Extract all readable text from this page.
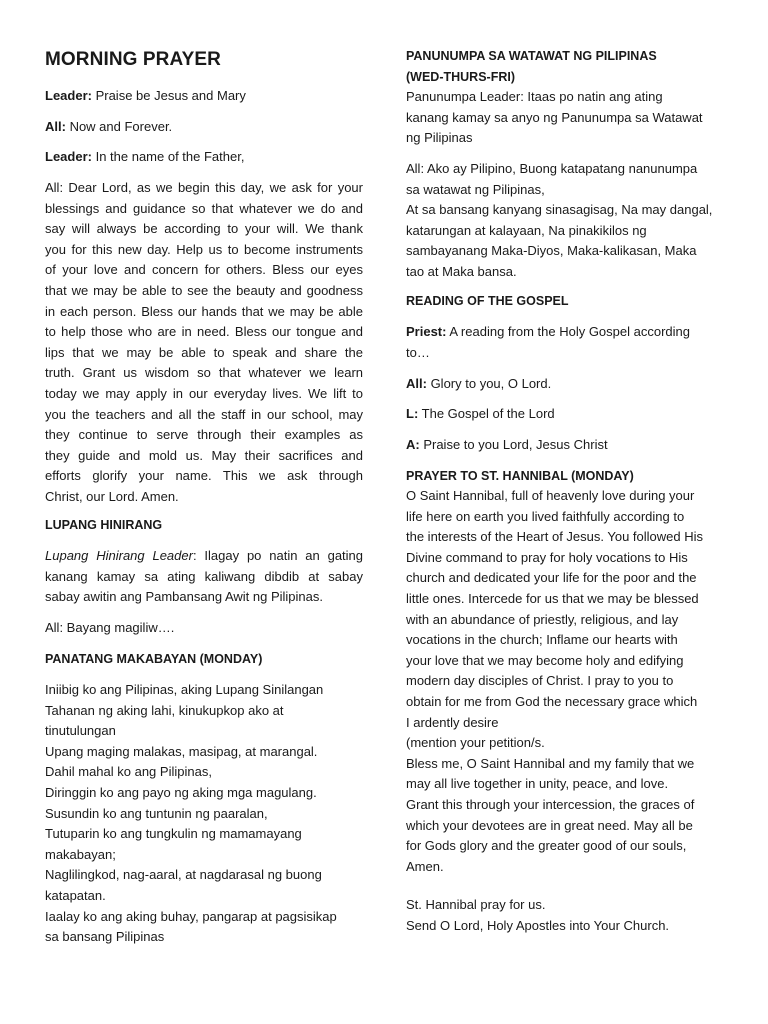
MORNING PRAYER
Leader: Praise be Jesus and Mary
All: Now and Forever.
Leader: In the name of the Father,
All: Dear Lord, as we begin this day, we ask for your
blessings and guidance so that whatever we do and
say will always be according to your will. We thank
you for this new day. Help us to become instruments
of your love and concern for others. Bless our eyes
that we may be able to see the beauty and goodness
in each person. Bless our hands that we may be able
to help those who are in need. Bless our tongue and
lips that we may be able to speak and share the
truth. Grant us wisdom so that whatever we learn
today we may apply in our everyday lives. We lift to
you the teachers and all the staff in our school, may
they continue to serve through their examples as
they guide and mold us. May their sacrifices and
efforts glorify your name. This we ask through
Christ, our Lord. Amen.
LUPANG HINIRANG
Lupang Hinirang Leader: Ilagay po natin an gating
kanang kamay sa ating kaliwang dibdib at sabay
sabay awitin ang Pambansang Awit ng Pilipinas.
All: Bayang magiliw….
PANATANG MAKABAYAN (MONDAY)
Iniibig ko ang Pilipinas, aking Lupang Sinilangan
Tahanan ng aking lahi, kinukupkop ako at
tinutulungan
Upang maging malakas, masipag, at marangal.
Dahil mahal ko ang Pilipinas,
Diringgin ko ang payo ng aking mga magulang.
Susundin ko ang tuntunin ng paaralan,
Tutuparin ko ang tungkulin ng mamamayang
makabayan;
Naglilingkod, nag-aaral, at nagdarasal ng buong
katapatan.
Iaalay ko ang aking buhay, pangarap at pagsisikap
sa bansang Pilipinas
PANUNUMPA SA WATAWAT NG PILIPINAS
(WED-THURS-FRI)
Panunumpa Leader: Itaas po natin ang ating
kanang kamay sa anyo ng Panunumpa sa Watawat
ng Pilipinas
All: Ako ay Pilipino, Buong katapatang nanunumpa
sa watawat ng Pilipinas,
At sa bansang kanyang sinasagisag, Na may dangal,
katarungan at kalayaan, Na pinakikilos ng
sambayanang Maka-Diyos, Maka-kalikasan, Maka
tao at Maka bansa.
READING OF THE GOSPEL
Priest: A reading from the Holy Gospel according
to…
All: Glory to you, O Lord.
L: The Gospel of the Lord
A: Praise to you Lord, Jesus Christ
PRAYER TO ST. HANNIBAL (MONDAY)
O Saint Hannibal, full of heavenly love during your
life here on earth you lived faithfully according to
the interests of the Heart of Jesus. You followed His
Divine command to pray for holy vocations to His
church and dedicated your life for the poor and the
little ones. Intercede for us that we may be blessed
with an abundance of priestly, religious, and lay
vocations in the church; Inflame our hearts with
your love that we may become holy and edifying
modern day disciples of Christ. I pray to you to
obtain for me from God the necessary grace which
I ardently desire
(mention your petition/s.
Bless me, O Saint Hannibal and my family that we
may all live together in unity, peace, and love.
Grant this through your intercession, the graces of
which your devotees are in great need. May all be
for Gods glory and the greater good of our souls,
Amen.
St. Hannibal pray for us.
Send O Lord, Holy Apostles into Your Church.
